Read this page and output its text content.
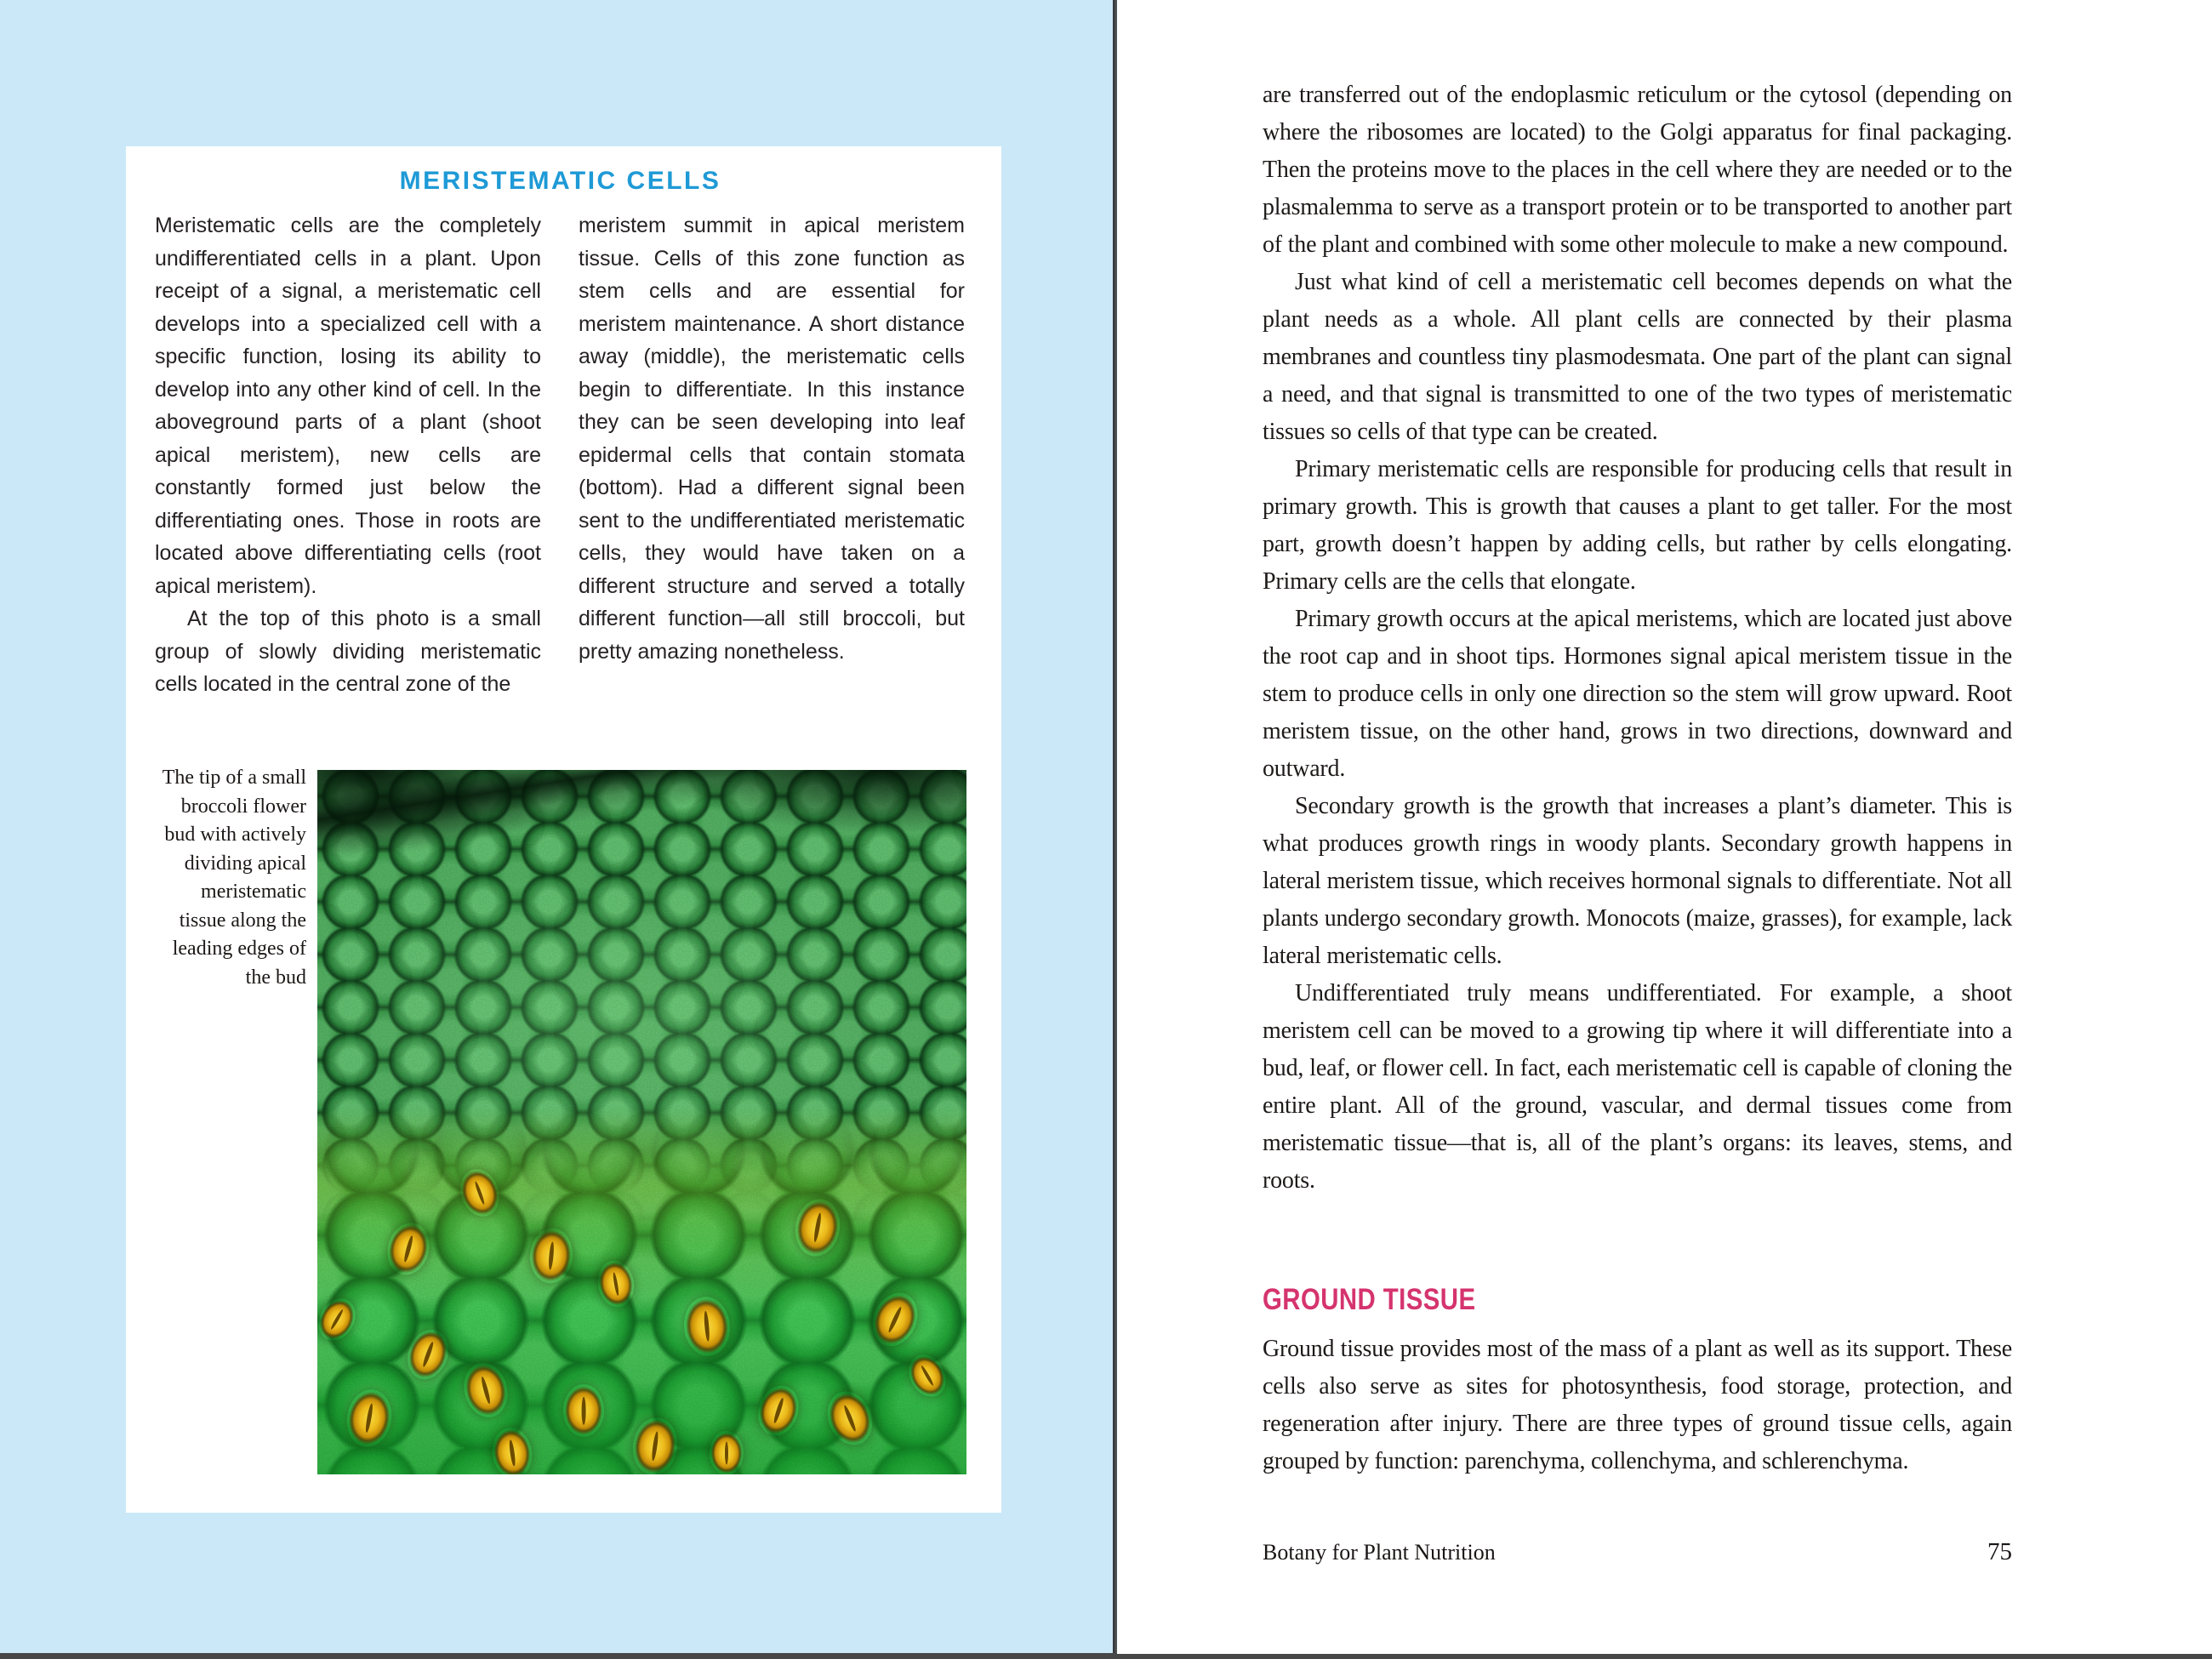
MERISTEMATIC CELLS

Meristematic cells are the completely undifferentiated cells in a plant. Upon receipt of a signal, a meristematic cell develops into a specialized cell with a specific function, losing its ability to develop into any other kind of cell. In the aboveground parts of a plant (shoot apical meristem), new cells are constantly formed just below the differentiating ones. Those in roots are located above differentiating cells (root apical meristem).

At the top of this photo is a small group of slowly dividing meristematic cells located in the central zone of the

meristem summit in apical meristem tissue. Cells of this zone function as stem cells and are essential for meristem maintenance. A short distance away (middle), the meristematic cells begin to differentiate. In this instance they can be seen developing into leaf epidermal cells that contain stomata (bottom). Had a different signal been sent to the undifferentiated meristematic cells, they would have taken on a different structure and served a totally different function—all still broccoli, but pretty amazing nonetheless.

The tip of a small broccoli flower bud with actively dividing apical meristematic tissue along the leading edges of the bud

are transferred out of the endoplasmic reticulum or the cytosol (depending on where the ribosomes are located) to the Golgi apparatus for final packaging. Then the proteins move to the places in the cell where they are needed or to the plasmalemma to serve as a transport protein or to be transported to another part of the plant and combined with some other molecule to make a new compound.

Just what kind of cell a meristematic cell becomes depends on what the plant needs as a whole. All plant cells are connected by their plasma membranes and countless tiny plasmodesmata. One part of the plant can signal a need, and that signal is transmitted to one of the two types of meristematic tissues so cells of that type can be created.

Primary meristematic cells are responsible for producing cells that result in primary growth. This is growth that causes a plant to get taller. For the most part, growth doesn’t happen by adding cells, but rather by cells elongating. Primary cells are the cells that elongate.

Primary growth occurs at the apical meristems, which are located just above the root cap and in shoot tips. Hormones signal apical meristem tissue in the stem to produce cells in only one direction so the stem will grow upward. Root meristem tissue, on the other hand, grows in two directions, downward and outward.

Secondary growth is the growth that increases a plant’s diameter. This is what produces growth rings in woody plants. Secondary growth happens in lateral meristem tissue, which receives hormonal signals to differentiate. Not all plants undergo secondary growth. Monocots (maize, grasses), for example, lack lateral meristematic cells.

Undifferentiated truly means undifferentiated. For example, a shoot meristem cell can be moved to a growing tip where it will differentiate into a bud, leaf, or flower cell. In fact, each meristematic cell is capable of cloning the entire plant. All of the ground, vascular, and dermal tissues come from meristematic tissue—that is, all of the plant’s organs: its leaves, stems, and roots.

GROUND TISSUE

Ground tissue provides most of the mass of a plant as well as its support. These cells also serve as sites for photosynthesis, food storage, protection, and regeneration after injury. There are three types of ground tissue cells, again grouped by function: parenchyma, collenchyma, and schlerenchyma.

Botany for Plant Nutrition	75
